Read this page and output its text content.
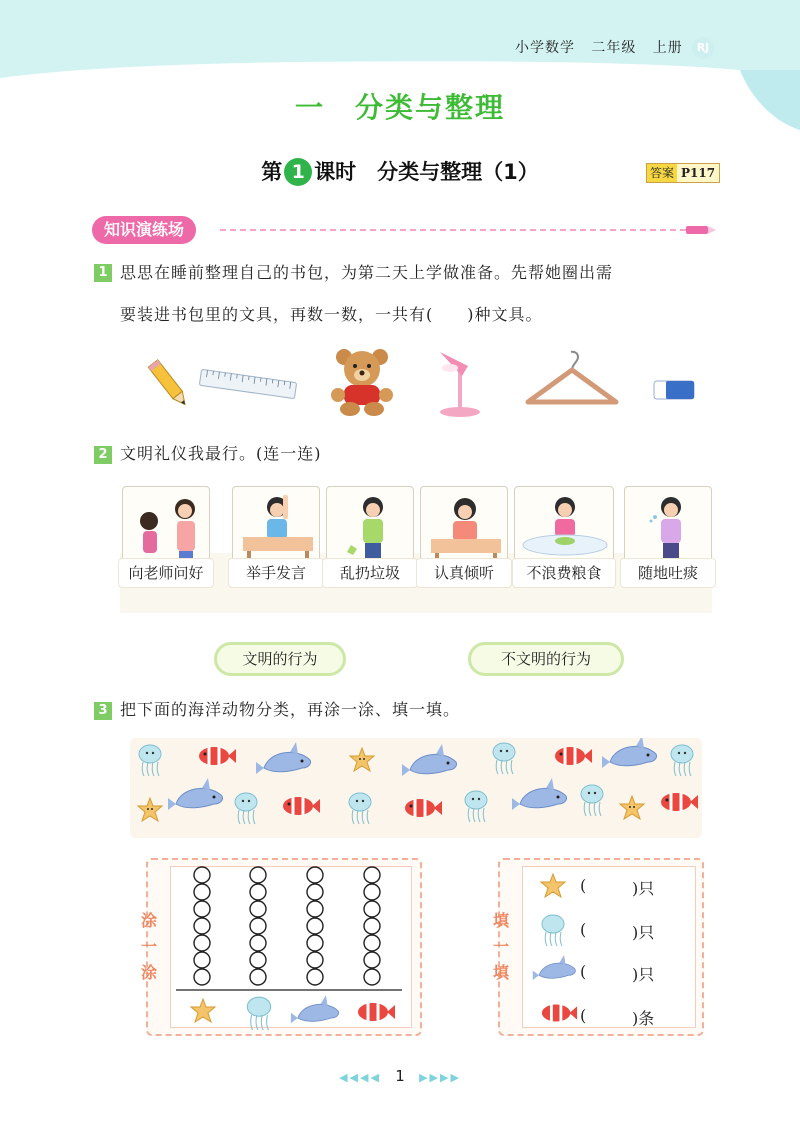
小学数学 二年级 上册	RJ
一　分类与整理
第 1 课时　分类与整理（1）	答案 P117
知识演练场
1 思思在睡前整理自己的书包，为第二天上学做准备。先帮她圈出需
要装进书包里的文具，再数一数，一共有(　　)种文具。
2 文明礼仪我最行。(连一连)
向老师问好	举手发言	乱扔垃圾	认真倾听	不浪费粮食	随地吐痰
文明的行为	不文明的行为
3 把下面的海洋动物分类，再涂一涂、填一填。
涂一涂
填一填
(	)只
(	)只
(	)只
(	)条
◀◀◀◀ 1 ▶▶▶▶
